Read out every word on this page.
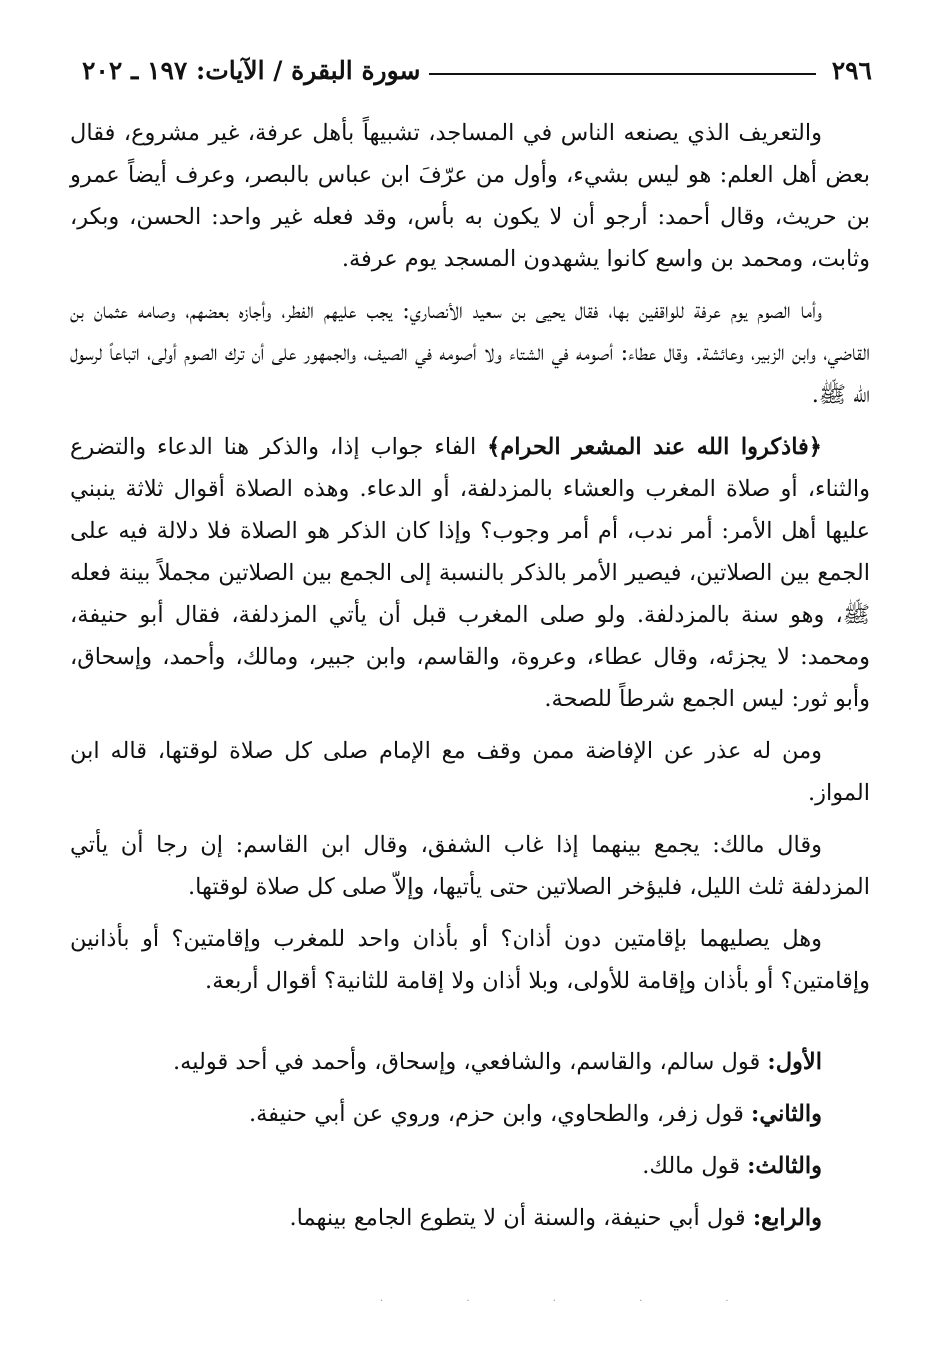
٢٩٦
سورة البقرة / الآيات: ١٩٧ ـ ٢٠٢

والتعريف الذي يصنعه الناس في المساجد، تشبيهاً بأهل عرفة، غير مشروع، فقال بعض أهل العلم: هو ليس بشيء، وأول من عرّفَ ابن عباس بالبصر، وعرف أيضاً عمرو بن حريث، وقال أحمد: أرجو أن لا يكون به بأس، وقد فعله غير واحد: الحسن، وبكر، وثابت، ومحمد بن واسع كانوا يشهدون المسجد يوم عرفة.

وأما الصوم يوم عرفة للواقفين بها، فقال يحيى بن سعيد الأنصاري: يجب عليهم الفطر، وأجازه بعضهم، وصامه عثمان بن القاضي، وابن الزبير، وعائشة. وقال عطاء: أصومه في الشتاء ولا أصومه في الصيف، والجمهور على أن ترك الصوم أولى، اتباعاً لرسول الله ﷺ.

﴿فاذكروا الله عند المشعر الحرام﴾ الفاء جواب إذا، والذكر هنا الدعاء والتضرع والثناء، أو صلاة المغرب والعشاء بالمزدلفة، أو الدعاء. وهذه الصلاة أقوال ثلاثة ينبني عليها أهل الأمر: أمر ندب، أم أمر وجوب؟ وإذا كان الذكر هو الصلاة فلا دلالة فيه على الجمع بين الصلاتين، فيصير الأمر بالذكر بالنسبة إلى الجمع بين الصلاتين مجملاً بينة فعله ﷺ، وهو سنة بالمزدلفة. ولو صلى المغرب قبل أن يأتي المزدلفة، فقال أبو حنيفة، ومحمد: لا يجزئه، وقال عطاء، وعروة، والقاسم، وابن جبير، ومالك، وأحمد، وإسحاق، وأبو ثور: ليس الجمع شرطاً للصحة.

ومن له عذر عن الإفاضة ممن وقف مع الإمام صلى كل صلاة لوقتها، قاله ابن المواز.

وقال مالك: يجمع بينهما إذا غاب الشفق، وقال ابن القاسم: إن رجا أن يأتي المزدلفة ثلث الليل، فليؤخر الصلاتين حتى يأتيها، وإلاّ صلى كل صلاة لوقتها.

وهل يصليهما بإقامتين دون أذان؟ أو بأذان واحد للمغرب وإقامتين؟ أو بأذانين وإقامتين؟ أو بأذان وإقامة للأولى، وبلا أذان ولا إقامة للثانية؟ أقوال أربعة.

الأول: قول سالم، والقاسم، والشافعي، وإسحاق، وأحمد في أحد قوليه.

والثاني: قول زفر، والطحاوي، وابن حزم، وروي عن أبي حنيفة.

والثالث: قول مالك.

والرابع: قول أبي حنيفة، والسنة أن لا يتطوع الجامع بينهما.

· · · · ·
